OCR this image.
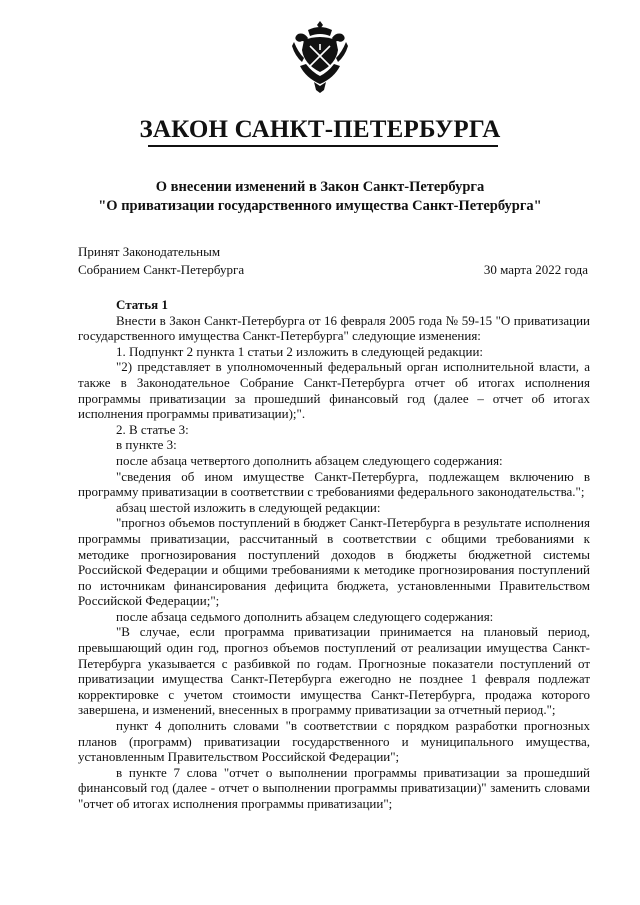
ЗАКОН САНКТ-ПЕТЕРБУРГА
О внесении изменений в Закон Санкт-Петербурга
"О приватизации государственного имущества Санкт-Петербурга"
Принят Законодательным
Собранием Санкт-Петербурга	30 марта 2022 года

Статья 1

Внести в Закон Санкт-Петербурга от 16 февраля 2005 года № 59-15 "О приватизации государственного имущества Санкт-Петербурга" следующие изменения:

1. Подпункт 2 пункта 1 статьи 2 изложить в следующей редакции:

"2) представляет в уполномоченный федеральный орган исполнительной власти, а также в Законодательное Собрание Санкт-Петербурга отчет об итогах исполнения программы приватизации за прошедший финансовый год (далее – отчет об итогах исполнения программы приватизации);".

2. В статье 3:

в пункте 3:

после абзаца четвертого дополнить абзацем следующего содержания:

"сведения об ином имуществе Санкт-Петербурга, подлежащем включению в программу приватизации в соответствии с требованиями федерального законодательства.";

абзац шестой изложить в следующей редакции:

"прогноз объемов поступлений в бюджет Санкт-Петербурга в результате исполнения программы приватизации, рассчитанный в соответствии с общими требованиями к методике прогнозирования поступлений доходов в бюджеты бюджетной системы Российской Федерации и общими требованиями к методике прогнозирования поступлений по источникам финансирования дефицита бюджета, установленными Правительством Российской Федерации;";

после абзаца седьмого дополнить абзацем следующего содержания:

"В случае, если программа приватизации принимается на плановый период, превышающий один год, прогноз объемов поступлений от реализации имущества Санкт-Петербурга указывается с разбивкой по годам. Прогнозные показатели поступлений от приватизации имущества Санкт-Петербурга ежегодно не позднее 1 февраля подлежат корректировке с учетом стоимости имущества Санкт-Петербурга, продажа которого завершена, и изменений, внесенных в программу приватизации за отчетный период.";

пункт 4 дополнить словами "в соответствии с порядком разработки прогнозных планов (программ) приватизации государственного и муниципального имущества, установленным Правительством Российской Федерации";

в пункте 7 слова "отчет о выполнении программы приватизации за прошедший финансовый год (далее - отчет о выполнении программы приватизации)" заменить словами "отчет об итогах исполнения программы приватизации";
